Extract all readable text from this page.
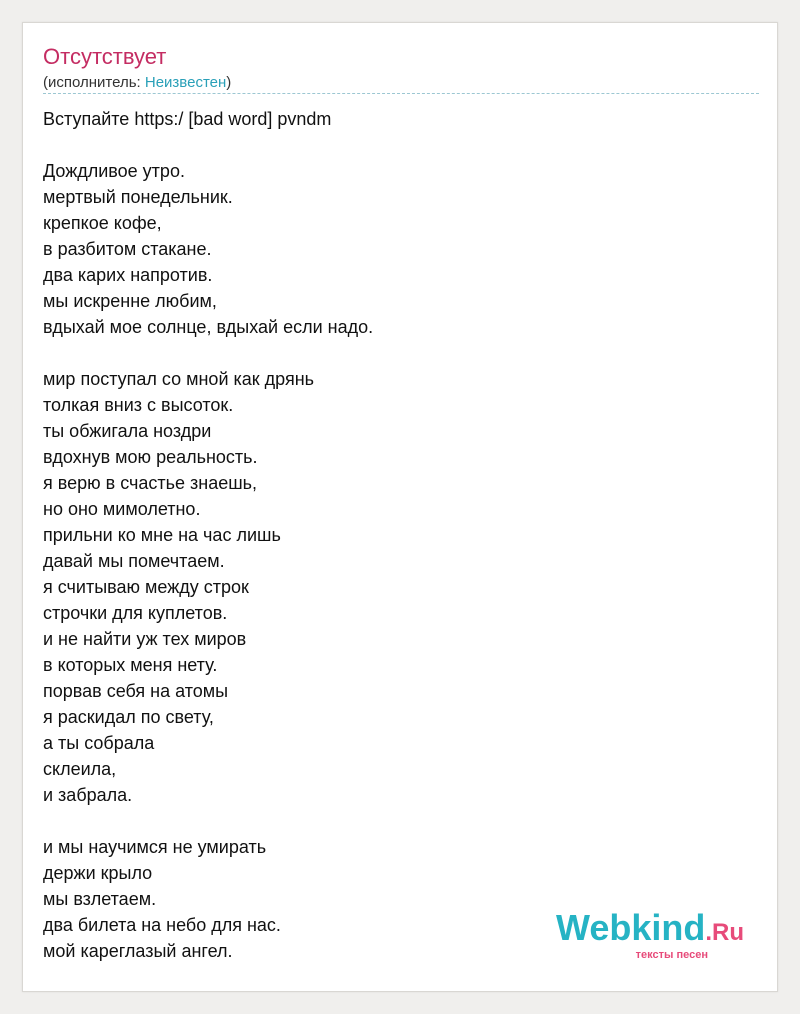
Отсутствует
(исполнитель: Неизвестен)
Вступайте https:/ [bad word] pvndm
Дождливое утро.
мертвый понедельник.
крепкое кофе,
в разбитом стакане.
два карих напротив.
мы искренне любим,
вдыхай мое солнце, вдыхай если надо.
мир поступал со мной как дрянь
толкая вниз с высоток.
ты обжигала ноздри
вдохнув мою реальность.
я верю в счастье знаешь,
но оно мимолетно.
прильни ко мне на час лишь
давай мы помечтаем.
я считываю между строк
строчки для куплетов.
и не найти уж тех миров
в которых меня нету.
порвав себя на атомы
я раскидал по свету,
а ты собрала
склеила,
и забрала.
и мы научимся не умирать
держи крыло
мы взлетаем.
два билета на небо для нас.
мой кареглазый ангел.
Webkind.Ru
тексты песен
